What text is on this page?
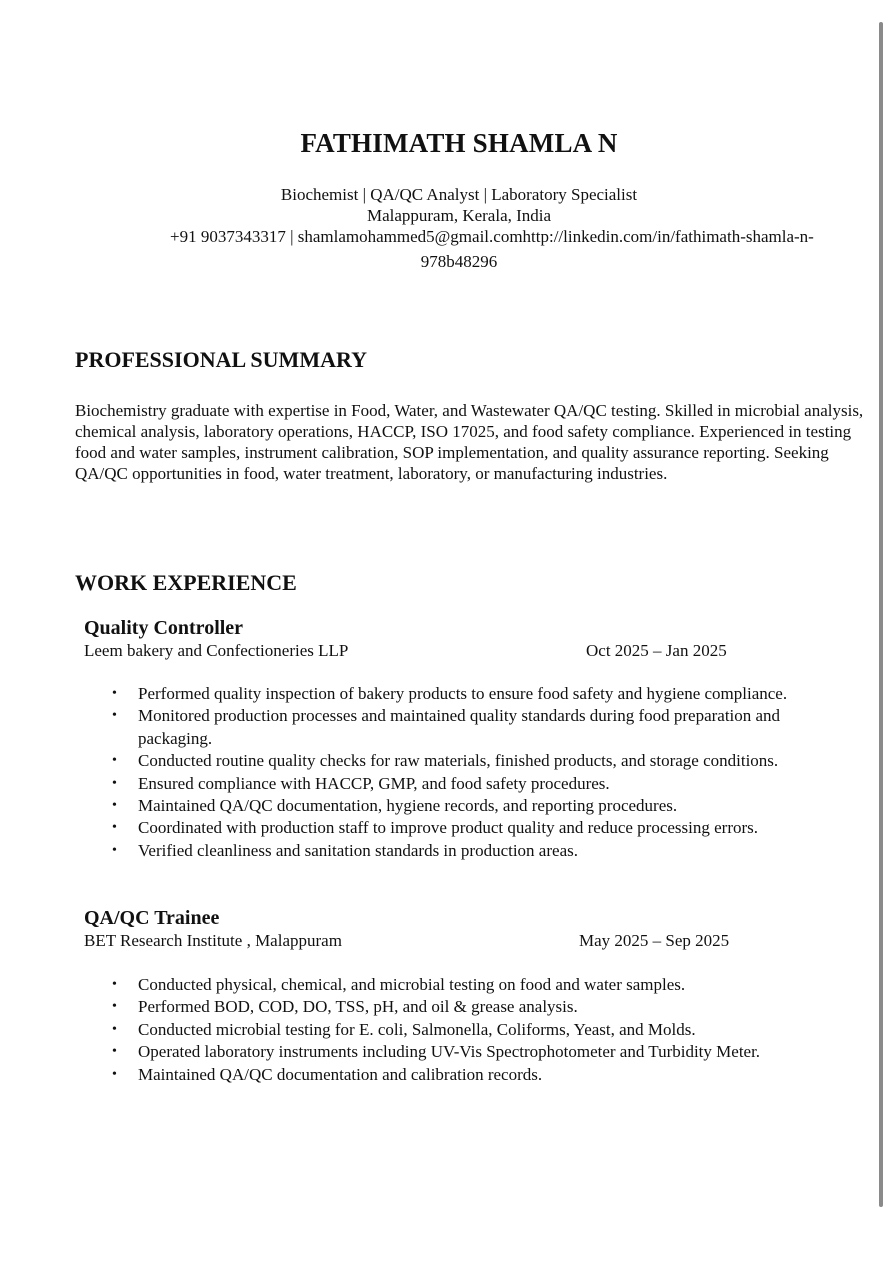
FATHIMATH SHAMLA N
Biochemist | QA/QC Analyst | Laboratory Specialist
Malappuram, Kerala, India
+91 9037343317 | shamlamohammed5@gmail.comhttp://linkedin.com/in/fathimath-shamla-n-
978b48296
PROFESSIONAL SUMMARY
Biochemistry graduate with expertise in Food, Water, and Wastewater QA/QC testing. Skilled in microbial analysis, chemical analysis, laboratory operations, HACCP, ISO 17025, and food safety compliance. Experienced in testing food and water samples, instrument calibration, SOP implementation, and quality assurance reporting. Seeking QA/QC opportunities in food, water treatment, laboratory, or manufacturing industries.
WORK EXPERIENCE
Quality Controller
Leem bakery and Confectioneries LLP	Oct 2025 – Jan 2025
• Performed quality inspection of bakery products to ensure food safety and hygiene compliance.
• Monitored production processes and maintained quality standards during food preparation and packaging.
• Conducted routine quality checks for raw materials, finished products, and storage conditions.
• Ensured compliance with HACCP, GMP, and food safety procedures.
• Maintained QA/QC documentation, hygiene records, and reporting procedures.
• Coordinated with production staff to improve product quality and reduce processing errors.
• Verified cleanliness and sanitation standards in production areas.
QA/QC Trainee
BET Research Institute , Malappuram	May 2025 – Sep 2025
• Conducted physical, chemical, and microbial testing on food and water samples.
• Performed BOD, COD, DO, TSS, pH, and oil & grease analysis.
• Conducted microbial testing for E. coli, Salmonella, Coliforms, Yeast, and Molds.
• Operated laboratory instruments including UV-Vis Spectrophotometer and Turbidity Meter.
• Maintained QA/QC documentation and calibration records.
